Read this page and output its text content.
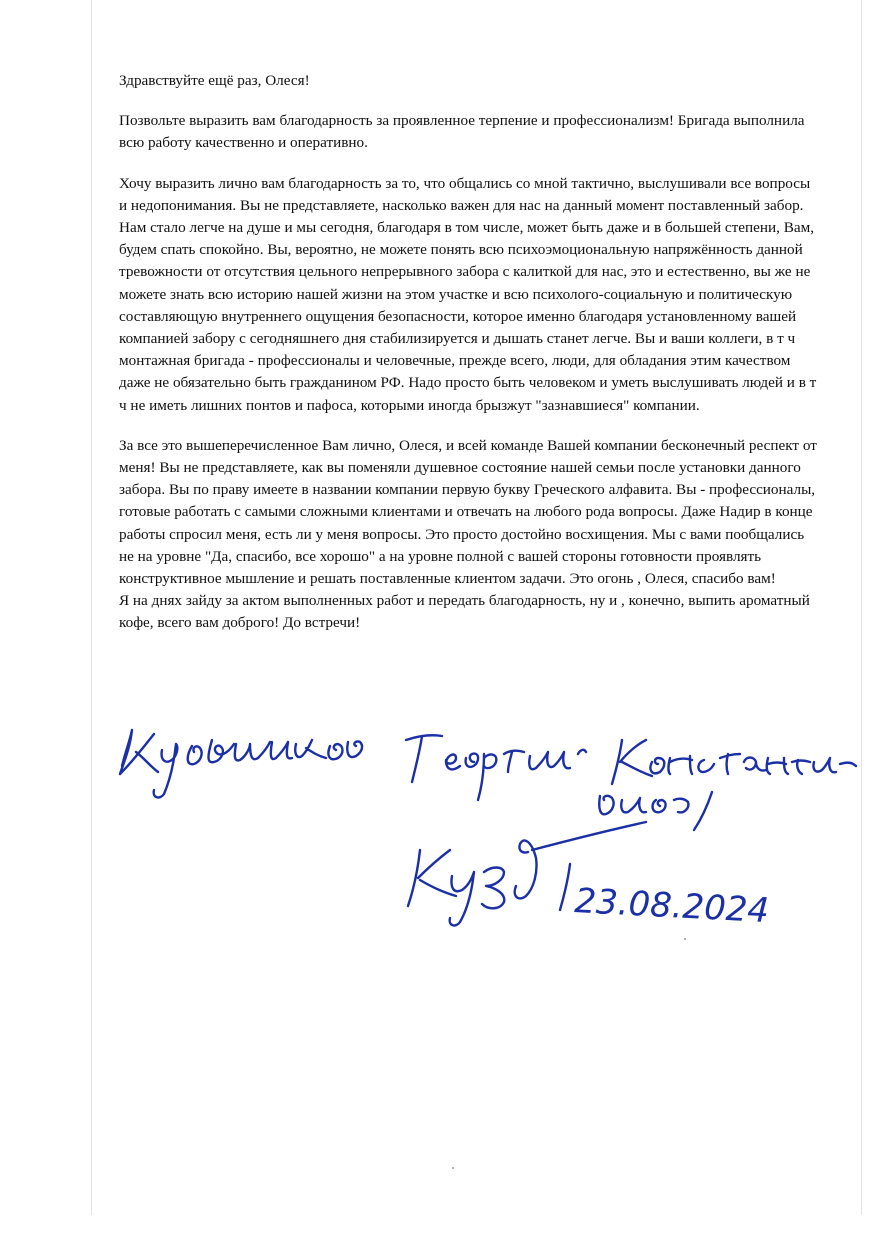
Здравствуйте ещё раз, Олеся!

Позвольте выразить вам благодарность за проявленное терпение и профессионализм! Бригада выполнила всю работу качественно и оперативно.

Хочу выразить лично вам благодарность за то, что общались со мной тактично, выслушивали все вопросы и недопонимания. Вы не представляете, насколько важен для нас на данный момент поставленный забор. Нам стало легче на душе и мы сегодня, благодаря в том числе, может быть даже и в большей степени, Вам, будем спать спокойно. Вы, вероятно, не можете понять всю психоэмоциональную напряжённость данной тревожности от отсутствия цельного непрерывного забора с калиткой для нас, это и естественно, вы же не можете знать всю историю нашей жизни на этом участке и всю психолого-социальную и политическую составляющую внутреннего ощущения безопасности, которое именно благодаря установленному вашей компанией забору с сегодняшнего дня стабилизируется и дышать станет легче. Вы и ваши коллеги, в т ч монтажная бригада - профессионалы и человечные, прежде всего, люди, для обладания этим качеством даже не обязательно быть гражданином РФ. Надо просто быть человеком и уметь выслушивать людей и в т ч не иметь лишних понтов и пафоса, которыми иногда брызжут "зазнавшиеся" компании.

За все это вышеперечисленное Вам лично, Олеся, и всей команде Вашей компании бесконечный респект от меня! Вы не представляете, как вы поменяли душевное состояние нашей семьи после установки данного забора. Вы по праву имеете в названии компании первую букву Греческого алфавита. Вы - профессионалы, готовые работать с самыми сложными клиентами и отвечать на любого рода вопросы. Даже Надир в конце работы спросил меня, есть ли у меня вопросы. Это просто достойно восхищения. Мы с вами пообщались не на уровне "Да, спасибо, все хорошо" а на уровне полной с вашей стороны готовности проявлять конструктивное мышление и решать поставленные клиентом задачи. Это огонь , Олеся, спасибо вам!

Я на днях зайду за актом выполненных работ и передать благодарность, ну и , конечно, выпить ароматный кофе, всего вам доброго! До встречи!

23.08.2024
